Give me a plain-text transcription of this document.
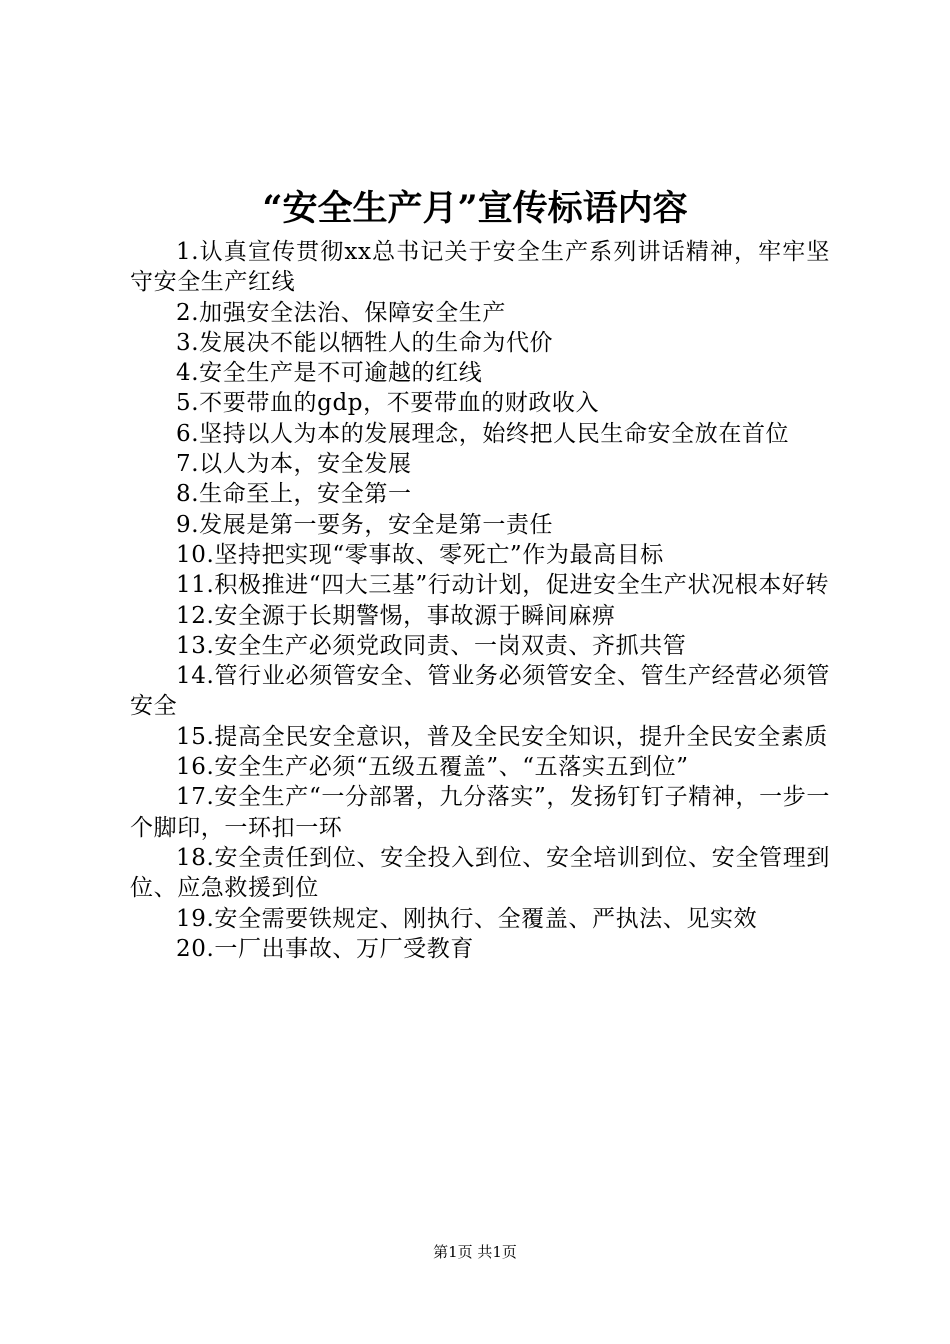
“安全生产月”宣传标语内容

1.认真宣传贯彻xx总书记关于安全生产系列讲话精神，牢牢坚守安全生产红线

2.加强安全法治、保障安全生产

3.发展决不能以牺牲人的生命为代价

4.安全生产是不可逾越的红线

5.不要带血的gdp，不要带血的财政收入

6.坚持以人为本的发展理念，始终把人民生命安全放在首位

7.以人为本，安全发展

8.生命至上，安全第一

9.发展是第一要务，安全是第一责任

10.坚持把实现“零事故、零死亡”作为最高目标

11.积极推进“四大三基”行动计划，促进安全生产状况根本好转

12.安全源于长期警惕，事故源于瞬间麻痹

13.安全生产必须党政同责、一岗双责、齐抓共管

14.管行业必须管安全、管业务必须管安全、管生产经营必须管安全

15.提高全民安全意识，普及全民安全知识，提升全民安全素质

16.安全生产必须“五级五覆盖”、“五落实五到位”

17.安全生产“一分部署，九分落实”，发扬钉钉子精神，一步一个脚印，一环扣一环

18.安全责任到位、安全投入到位、安全培训到位、安全管理到位、应急救援到位

19.安全需要铁规定、刚执行、全覆盖、严执法、见实效

20.一厂出事故、万厂受教育

第1页 共1页
